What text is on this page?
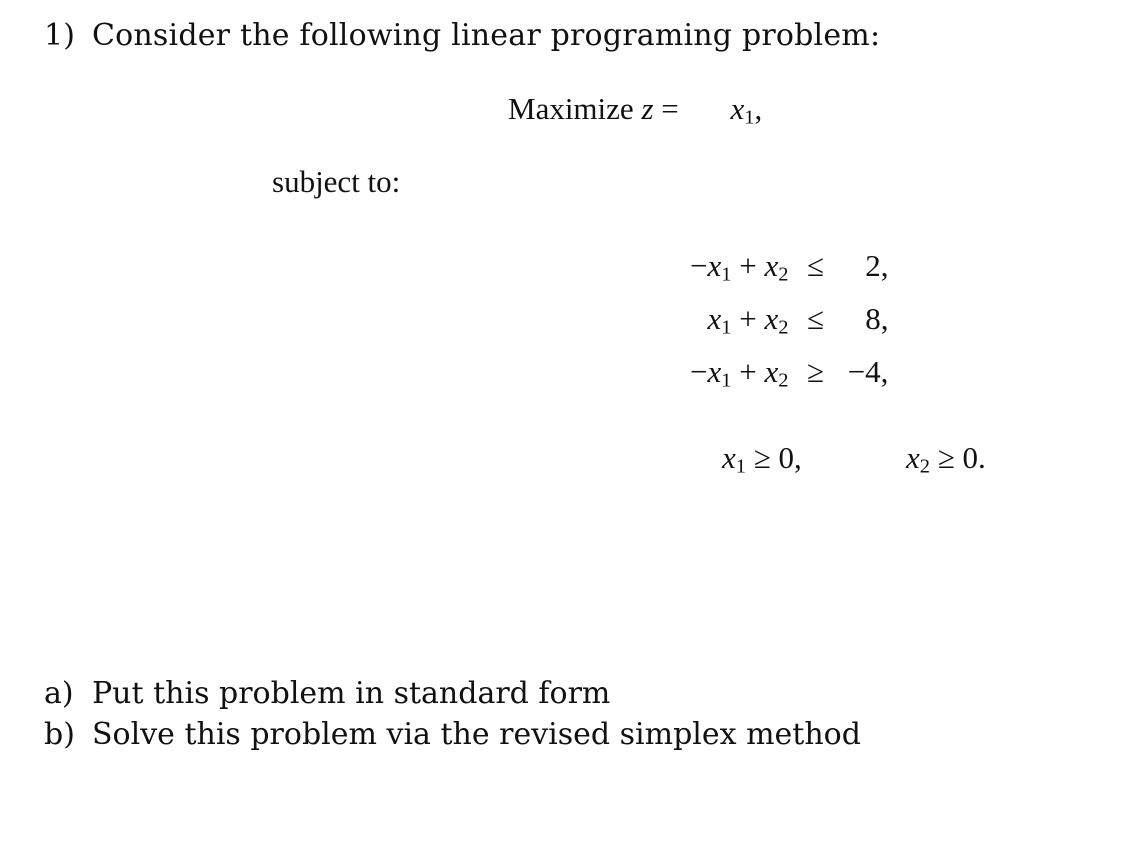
1) Consider the following linear programing problem:
Maximize $z = x_1$,
subject to:
$-x_1 + x_2$	≤	2,
$x_1 + x_2$	≤	8,
$-x_1 + x_2$	≥	−4,
$x_1 \ge 0$,	$x_2 \ge 0$.
a) Put this problem in standard form
b) Solve this problem via the revised simplex method
